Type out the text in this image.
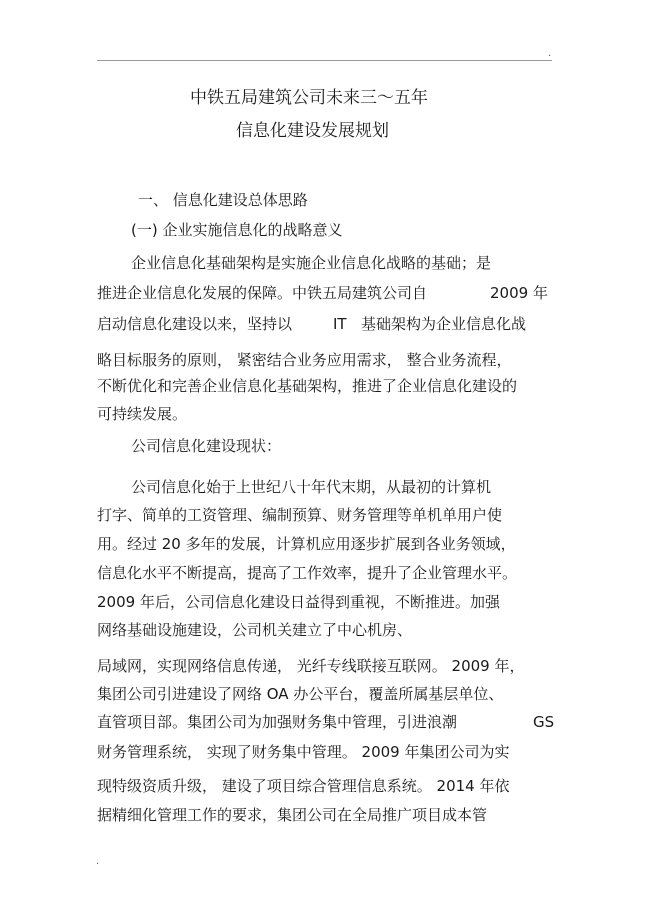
.
中铁五局建筑公司未来三～五年
信息化建设发展规划
一、 信息化建设总体思路
(一) 企业实施信息化的战略意义
企业信息化基础架构是实施企业信息化战略的基础；是
推进企业信息化发展的保障。中铁五局建筑公司自	2009 年
启动信息化建设以来，坚持以	IT 基础架构为企业信息化战
略目标服务的原则， 紧密结合业务应用需求， 整合业务流程，
不断优化和完善企业信息化基础架构，推进了企业信息化建设的
可持续发展。
公司信息化建设现状：
公司信息化始于上世纪八十年代末期，从最初的计算机
打字、简单的工资管理、编制预算、财务管理等单机单用户使
用。经过 20 多年的发展，计算机应用逐步扩展到各业务领域，
信息化水平不断提高，提高了工作效率，提升了企业管理水平。
2009 年后，公司信息化建设日益得到重视，不断推进。加强
网络基础设施建设，公司机关建立了中心机房、
局域网，实现网络信息传递， 光纤专线联接互联网。 2009 年，
集团公司引进建设了网络 OA 办公平台，覆盖所属基层单位、
直管项目部。集团公司为加强财务集中管理，引进浪潮	GS
财务管理系统， 实现了财务集中管理。 2009 年集团公司为实
现特级资质升级， 建设了项目综合管理信息系统。 2014 年依
据精细化管理工作的要求，集团公司在全局推广项目成本管
.
